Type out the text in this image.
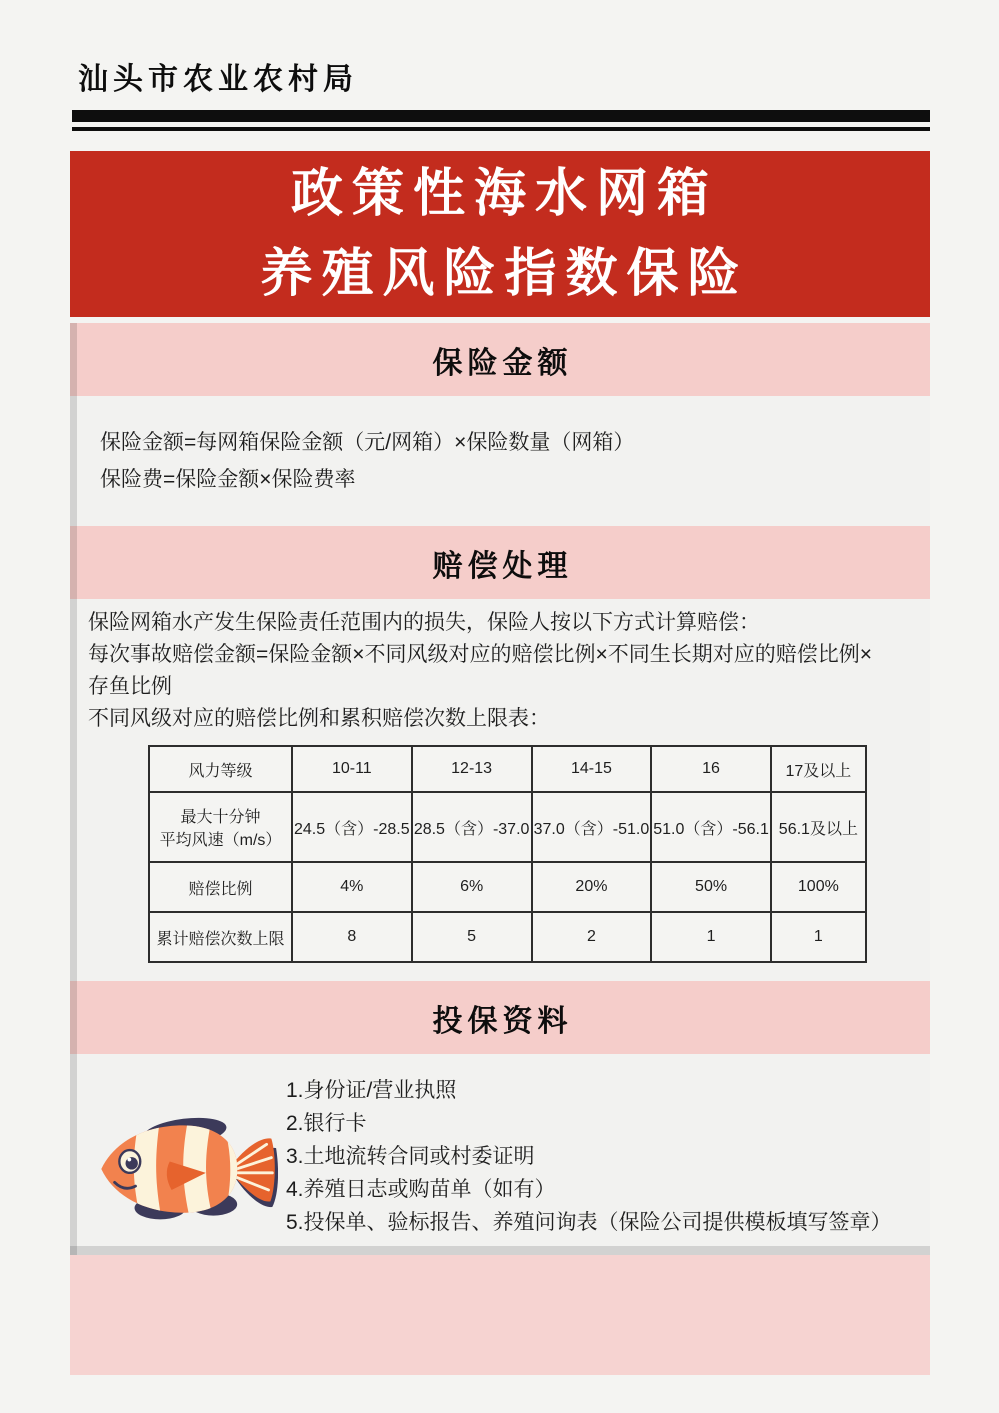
汕头市农业农村局
政策性海水网箱
养殖风险指数保险
保险金额
保险金额=每网箱保险金额（元/网箱）×保险数量（网箱）
保险费=保险金额×保险费率
赔偿处理
保险网箱水产发生保险责任范围内的损失，保险人按以下方式计算赔偿：
每次事故赔偿金额=保险金额×不同风级对应的赔偿比例×不同生长期对应的赔偿比例×
存鱼比例
不同风级对应的赔偿比例和累积赔偿次数上限表：
风力等级	10-11	12-13	14-15	16	17及以上

最大十分钟
平均风速（m/s）	24.5（含）-28.5	28.5（含）-37.0	37.0（含）-51.0	51.0（含）-56.1	56.1及以上
赔偿比例	4%	6%	20%	50%	100%
累计赔偿次数上限	8	5	2	1	1
投保资料
1.身份证/营业执照
2.银行卡
3.土地流转合同或村委证明
4.养殖日志或购苗单（如有）
5.投保单、验标报告、养殖问询表（保险公司提供模板填写签章）
